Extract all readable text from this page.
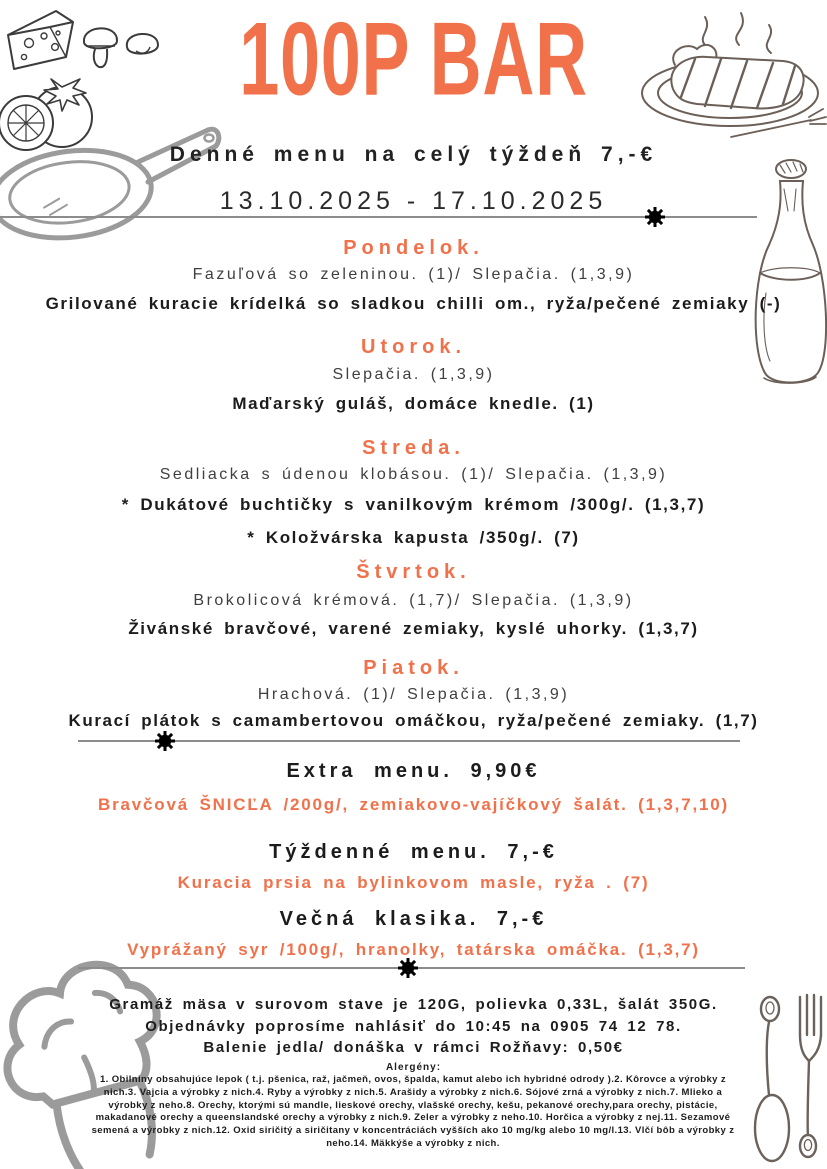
100P BAR
Denné menu na celý týždeň 7,-€
13.10.2025 - 17.10.2025
Pondelok.
Fazuľová so zeleninou. (1)/ Slepačia. (1,3,9)
Grilované kuracie krídelká so sladkou chilli om., ryža/pečené zemiaky (-)
Utorok.
Slepačia. (1,3,9)
Maďarský guláš, domáce knedle. (1)
Streda.
Sedliacka s údenou klobásou. (1)/ Slepačia. (1,3,9)
* Dukátové buchtičky s vanilkovým krémom /300g/. (1,3,7)
* Koložvárska kapusta /350g/. (7)
Štvrtok.
Brokolicová krémová. (1,7)/ Slepačia. (1,3,9)
Živánské bravčové, varené zemiaky, kyslé uhorky. (1,3,7)
Piatok.
Hrachová. (1)/ Slepačia. (1,3,9)
Kurací plátok s camambertovou omáčkou, ryža/pečené zemiaky. (1,7)
Extra menu. 9,90€
Bravčová ŠNICĽA /200g/, zemiakovo-vajíčkový šalát. (1,3,7,10)
Týždenné menu. 7,-€
Kuracia prsia na bylinkovom masle, ryža . (7)
Večná klasika. 7,-€
Vyprážaný syr /100g/, hranolky, tatárska omáčka. (1,3,7)
Gramáž mäsa v surovom stave je 120G, polievka 0,33L, šalát 350G.
Objednávky poprosíme nahlásiť do 10:45 na 0905 74 12 78.
Balenie jedla/ donáška v rámci Rožňavy: 0,50€
Alergény:
1. Obilniny obsahujúce lepok ( t.j. pšenica, raž, jačmeň, ovos, špalda, kamut alebo ich hybridné odrody ).2. Kôrovce a výrobky z nich.3. Vajcia a výrobky z nich.4. Ryby a výrobky z nich.5. Arašidy a výrobky z nich.6. Sójové zrná a výrobky z nich.7. Mlieko a výrobky z neho.8. Orechy, ktorými sú mandle, lieskové orechy, vlašské orechy, kešu, pekanové orechy,para orechy, pistácie, makadanové orechy a queenslandské orechy a výrobky z nich.9. Zeler a výrobky z neho.10. Horčica a výrobky z nej.11. Sezamové semená a výrobky z nich.12. Oxid siričitý a siričitany v koncentráciách vyšších ako 10 mg/kg alebo 10 mg/l.13. Vlčí bôb a výrobky z neho.14. Mäkkýše a výrobky z nich.
